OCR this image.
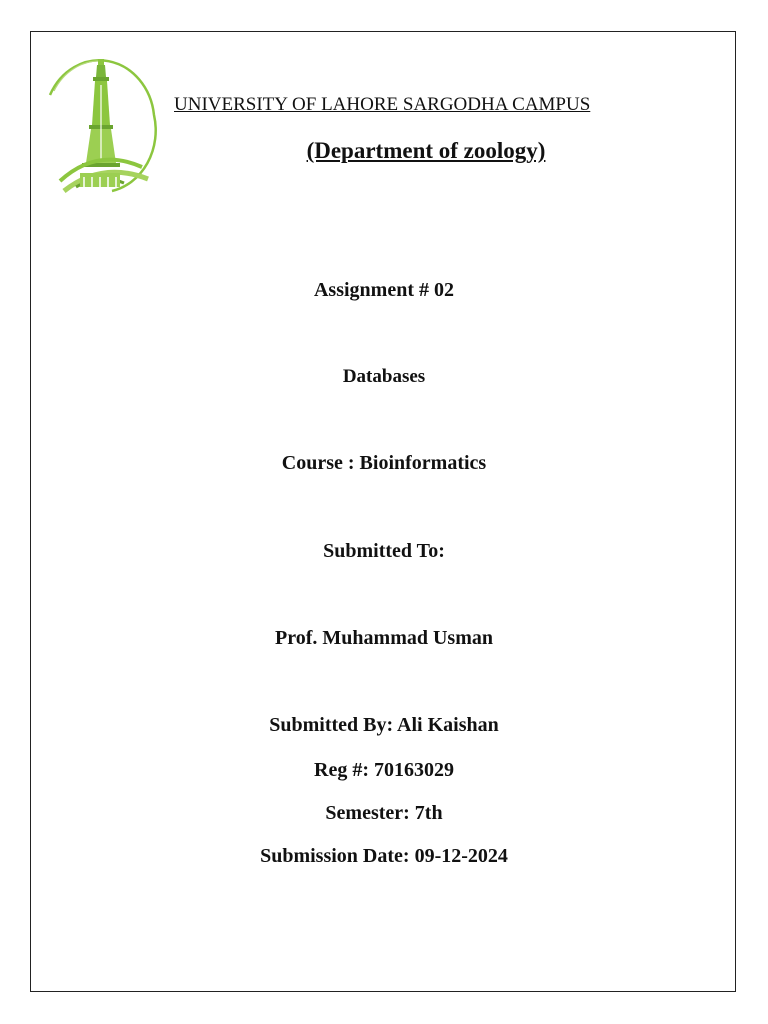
UNIVERSITY OF LAHORE SARGODHA CAMPUS
(Department of zoology)

Assignment # 02

Databases

Course : Bioinformatics

Submitted To:

Prof. Muhammad Usman

Submitted By: Ali Kaishan

Reg #: 70163029

Semester: 7th

Submission Date: 09-12-2024
